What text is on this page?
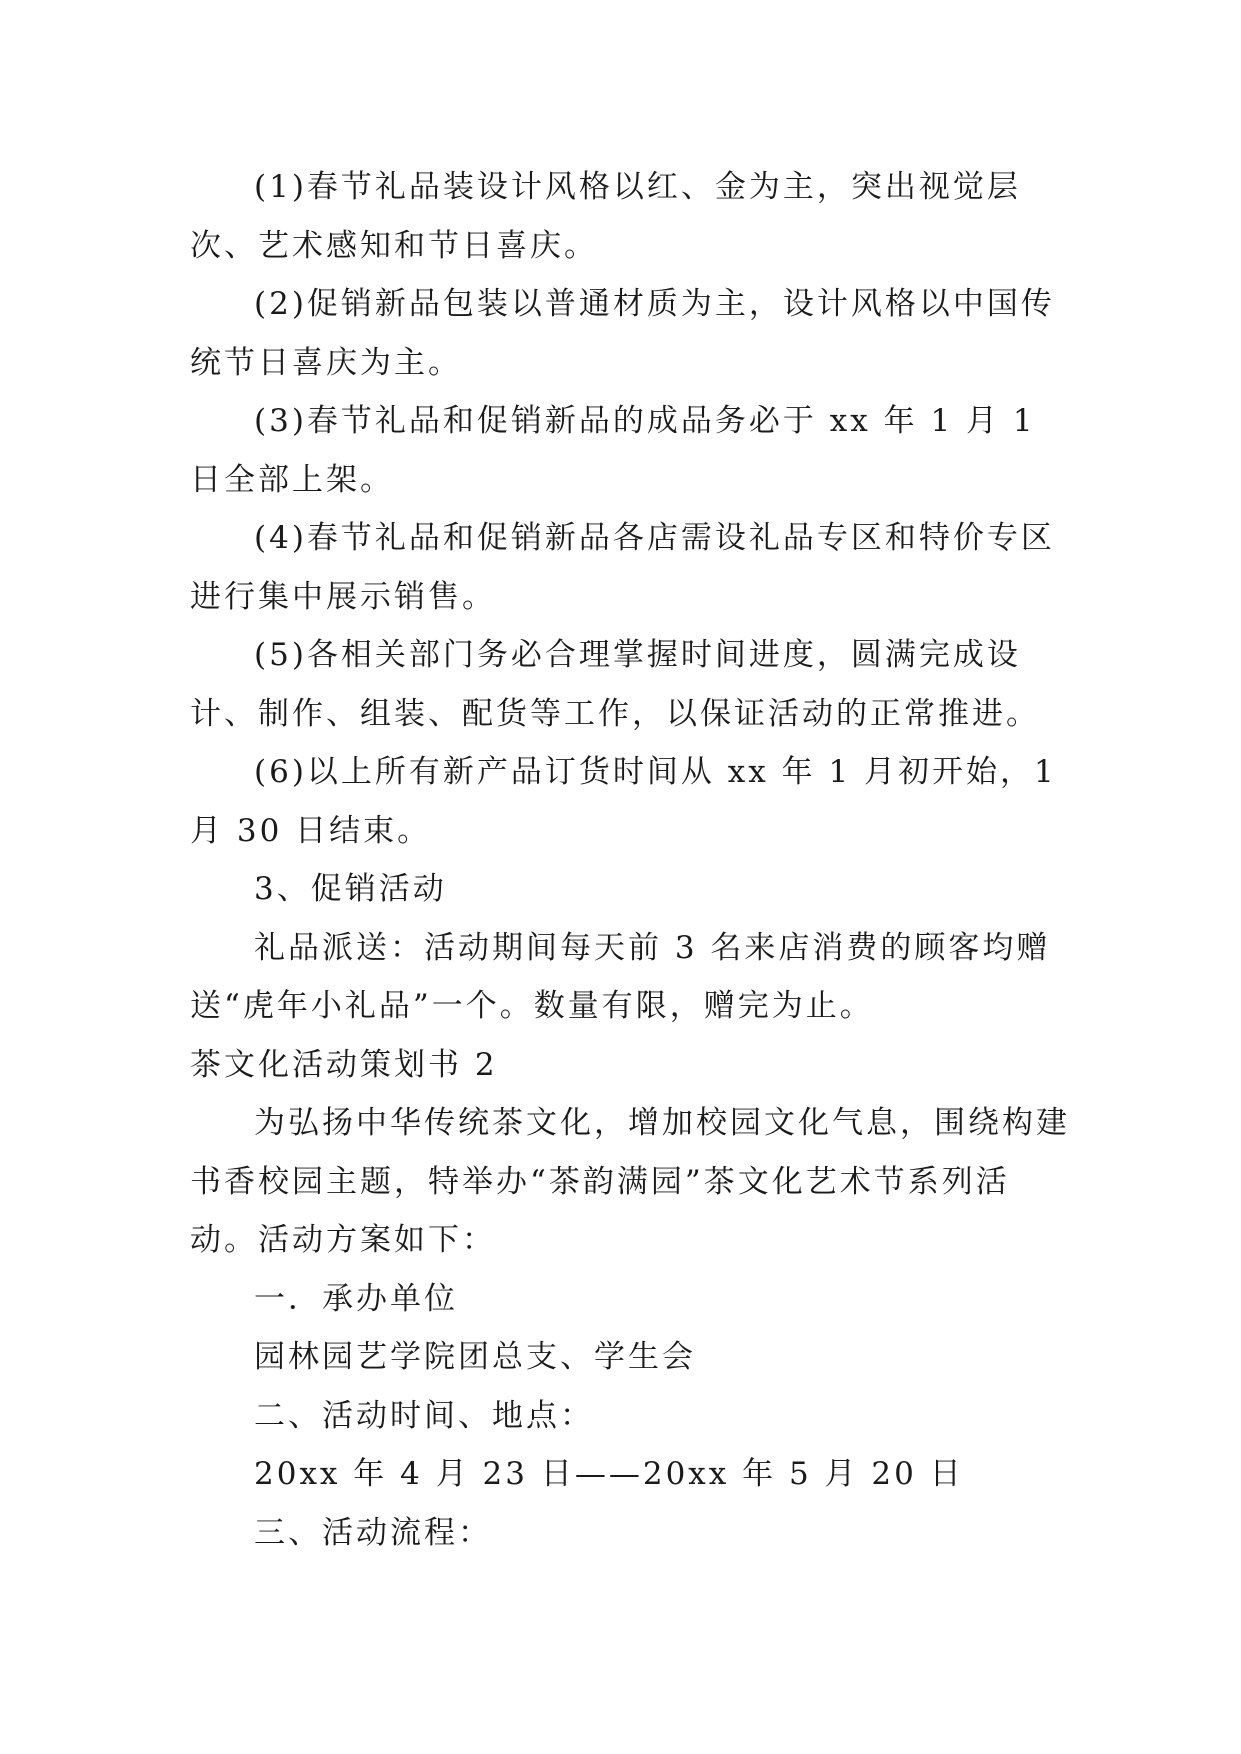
(1)春节礼品装设计风格以红、金为主，突出视觉层次、艺术感知和节日喜庆。

(2)促销新品包装以普通材质为主，设计风格以中国传统节日喜庆为主。

(3)春节礼品和促销新品的成品务必于 xx 年 1 月 1 日全部上架。

(4)春节礼品和促销新品各店需设礼品专区和特价专区进行集中展示销售。

(5)各相关部门务必合理掌握时间进度，圆满完成设计、制作、组装、配货等工作，以保证活动的正常推进。

(6)以上所有新产品订货时间从 xx 年 1 月初开始，1 月 30 日结束。

3、促销活动

礼品派送：活动期间每天前 3 名来店消费的顾客均赠送“虎年小礼品”一个。数量有限，赠完为止。

茶文化活动策划书 2

为弘扬中华传统茶文化，增加校园文化气息，围绕构建书香校园主题，特举办“茶韵满园”茶文化艺术节系列活动。活动方案如下：

一．承办单位

园林园艺学院团总支、学生会

二、活动时间、地点：

20xx 年 4 月 23 日——20xx 年 5 月 20 日

三、活动流程：
